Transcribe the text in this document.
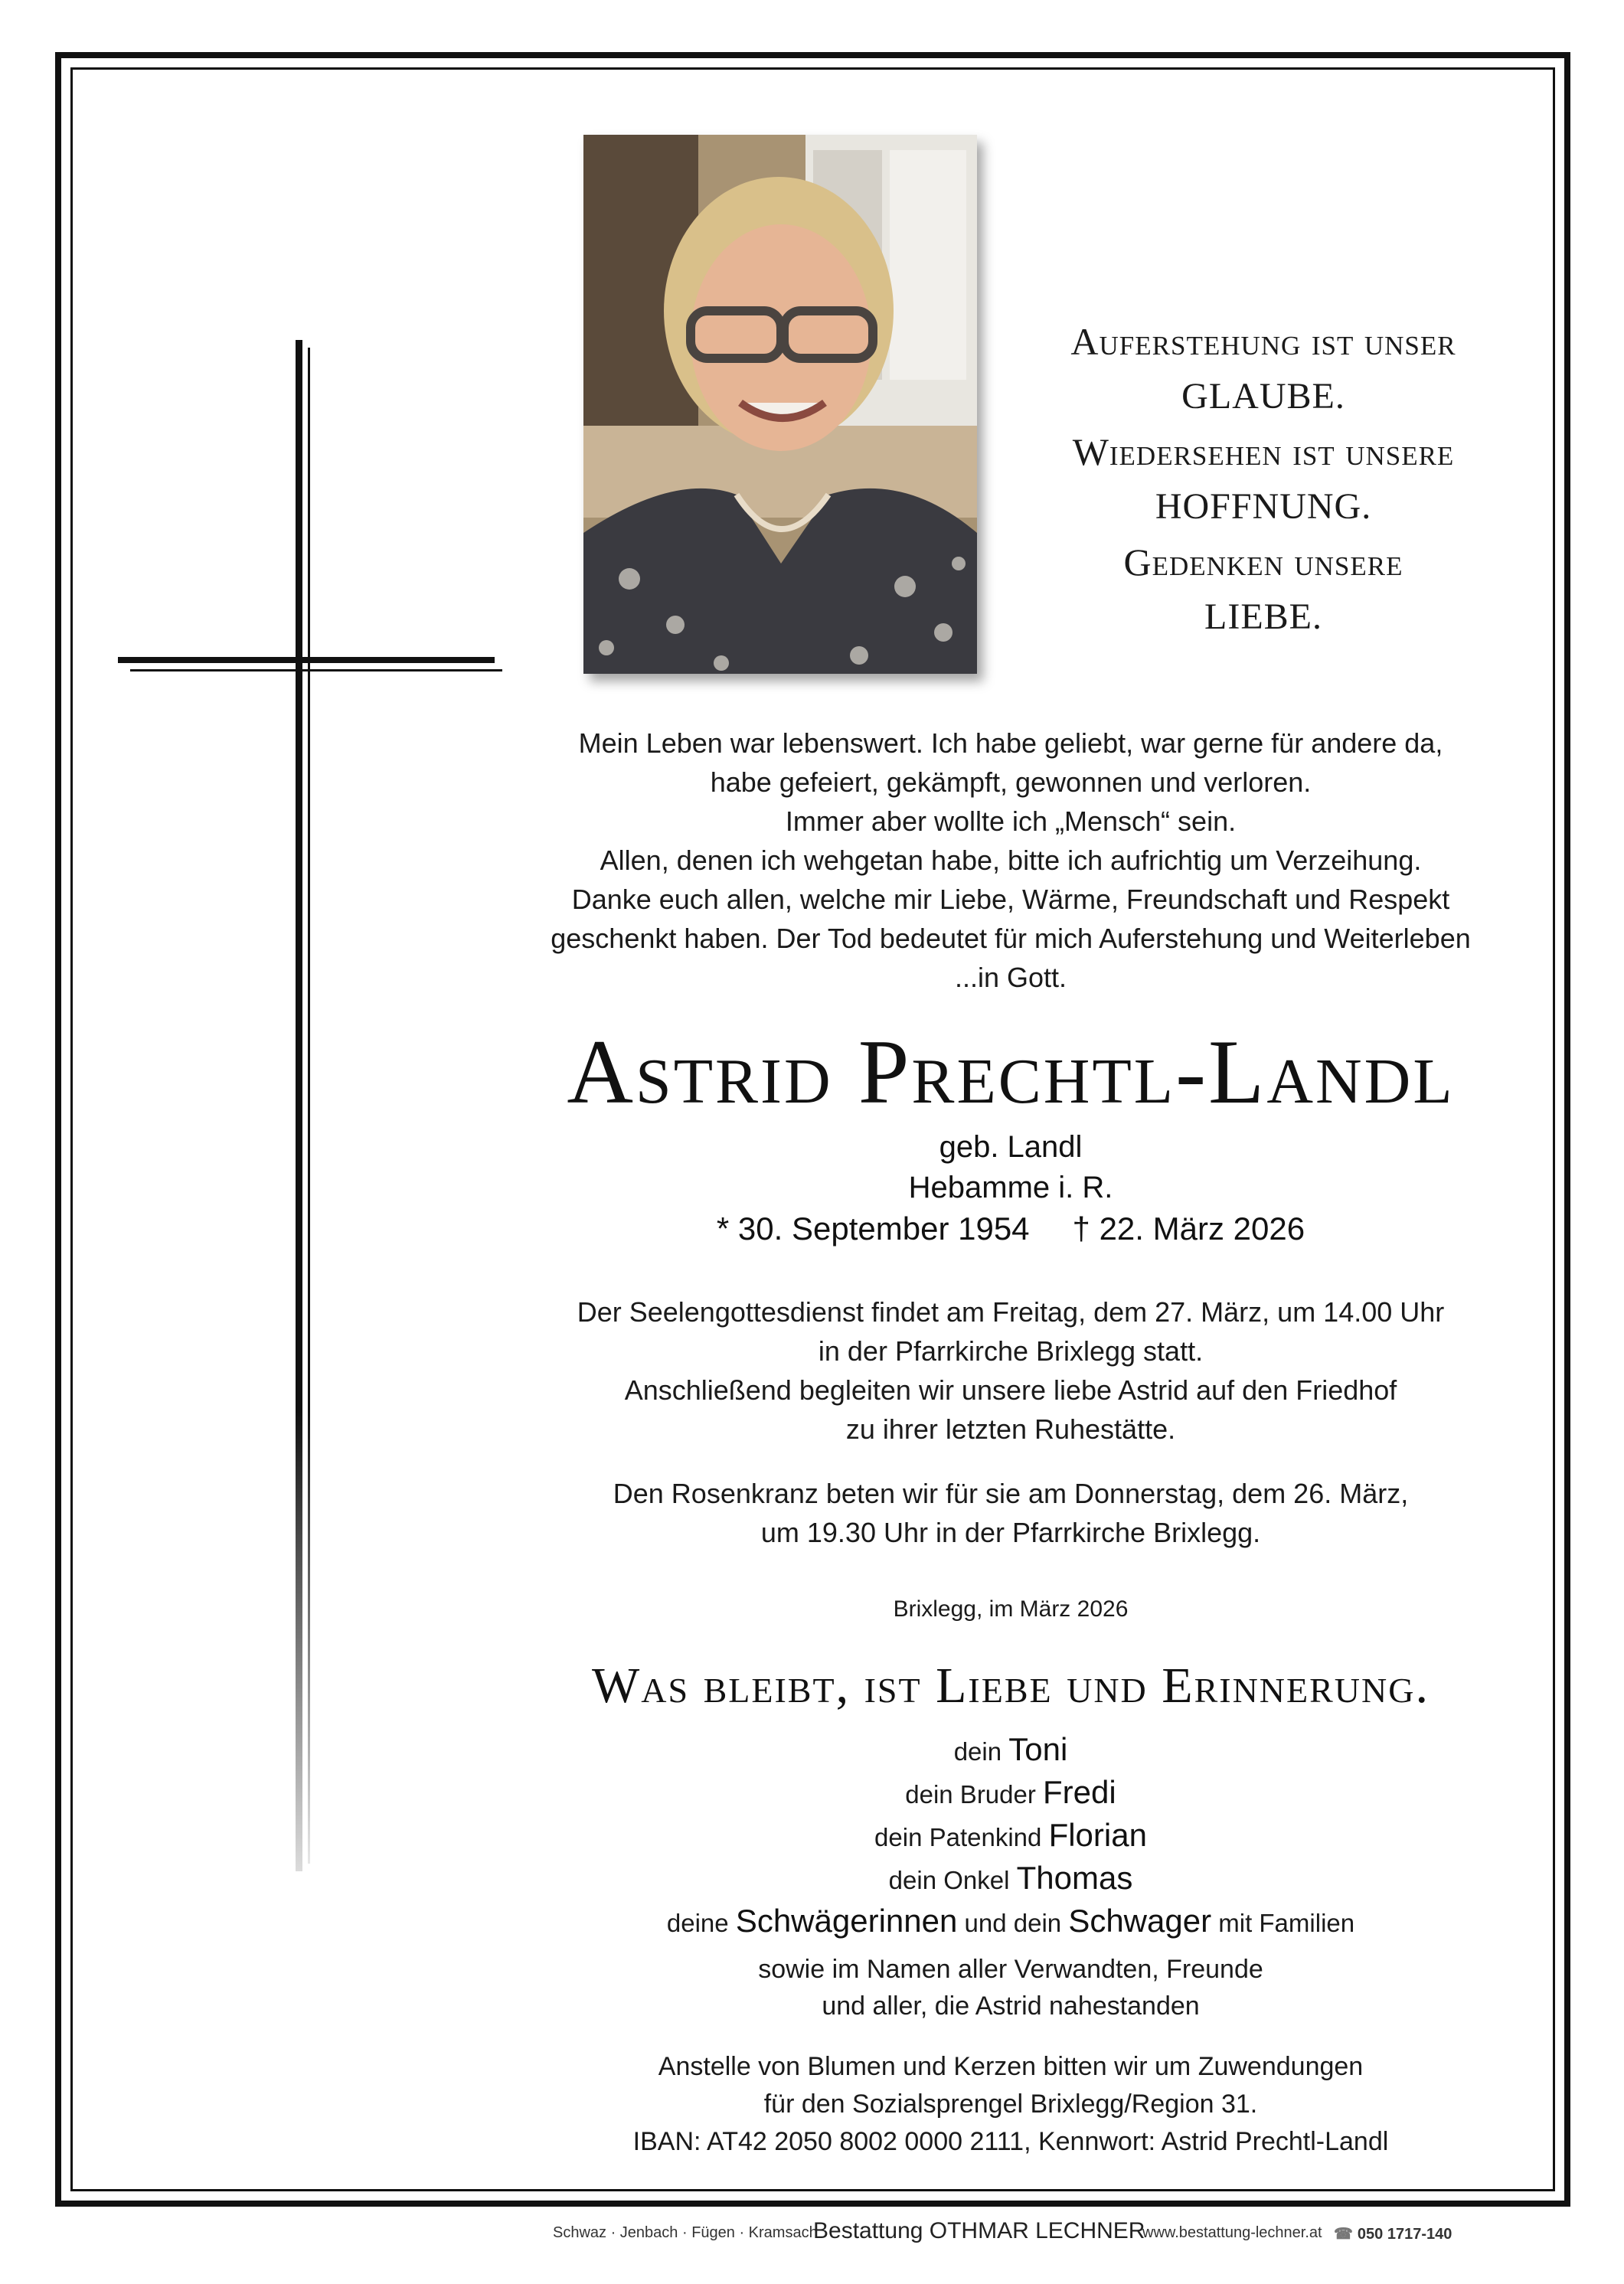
Auferstehung ist unser
GLAUBE.
Wiedersehen ist unsere
HOFFNUNG.
Gedenken unsere
LIEBE.
Mein Leben war lebenswert. Ich habe geliebt, war gerne für andere da,
habe gefeiert, gekämpft, gewonnen und verloren.
Immer aber wollte ich „Mensch“ sein.
Allen, denen ich wehgetan habe, bitte ich aufrichtig um Verzeihung.
Danke euch allen, welche mir Liebe, Wärme, Freundschaft und Respekt
geschenkt haben. Der Tod bedeutet für mich Auferstehung und Weiterleben
...in Gott.
Astrid Prechtl-Landl
geb. Landl
Hebamme i. R.
* 30. September 1954 † 22. März 2026
Der Seelengottesdienst findet am Freitag, dem 27. März, um 14.00 Uhr
in der Pfarrkirche Brixlegg statt.
Anschließend begleiten wir unsere liebe Astrid auf den Friedhof
zu ihrer letzten Ruhestätte.
Den Rosenkranz beten wir für sie am Donnerstag, dem 26. März,
um 19.30 Uhr in der Pfarrkirche Brixlegg.
Brixlegg, im März 2026
Was bleibt, ist Liebe und Erinnerung.
dein Toni
dein Bruder Fredi
dein Patenkind Florian
dein Onkel Thomas
deine Schwägerinnen und dein Schwager mit Familien
sowie im Namen aller Verwandten, Freunde
und aller, die Astrid nahestanden
Anstelle von Blumen und Kerzen bitten wir um Zuwendungen
für den Sozialsprengel Brixlegg/Region 31.
IBAN: AT42 2050 8002 0000 2111, Kennwort: Astrid Prechtl-Landl
Schwaz · Jenbach · Fügen · Kramsach
Bestattung OTHMAR LECHNER
www.bestattung-lechner.at ☎ 050 1717-140
